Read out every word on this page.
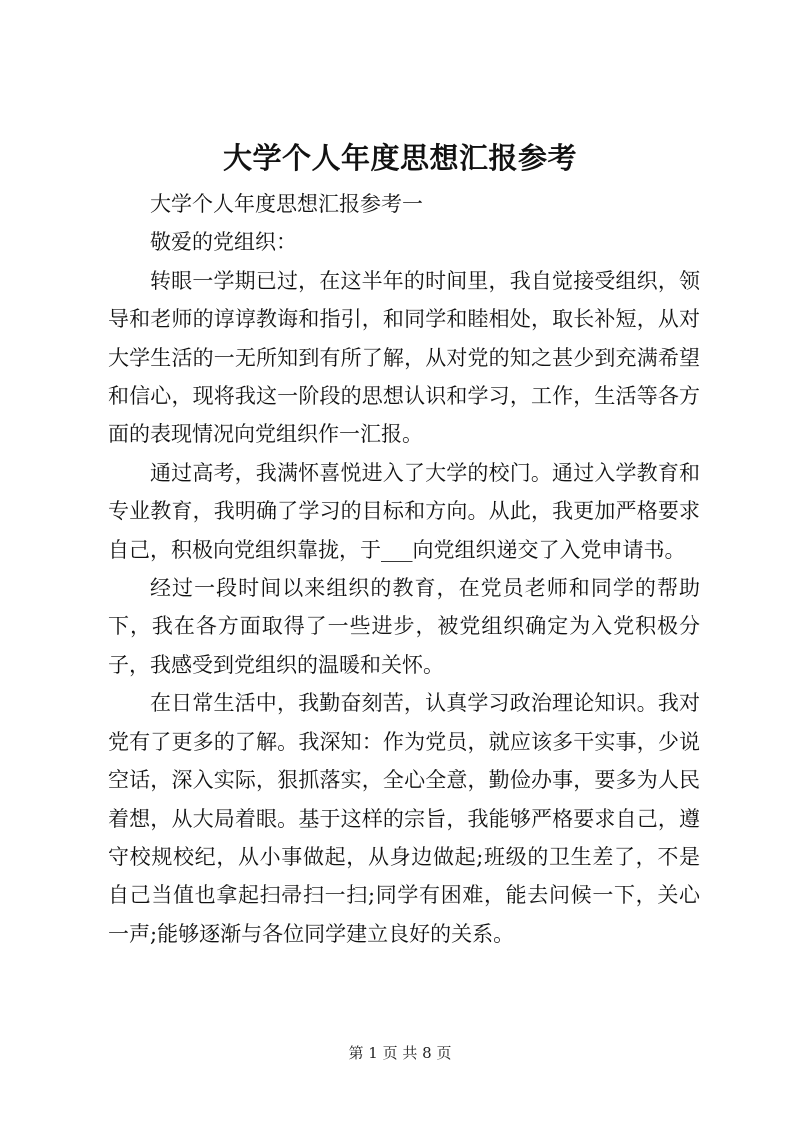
大学个人年度思想汇报参考

大学个人年度思想汇报参考一

敬爱的党组织：

转眼一学期已过，在这半年的时间里，我自觉接受组织，领导和老师的谆谆教诲和指引，和同学和睦相处，取长补短，从对大学生活的一无所知到有所了解，从对党的知之甚少到充满希望和信心，现将我这一阶段的思想认识和学习，工作，生活等各方面的表现情况向党组织作一汇报。

通过高考，我满怀喜悦进入了大学的校门。通过入学教育和专业教育，我明确了学习的目标和方向。从此，我更加严格要求自己，积极向党组织靠拢，于___向党组织递交了入党申请书。

经过一段时间以来组织的教育，在党员老师和同学的帮助下，我在各方面取得了一些进步，被党组织确定为入党积极分子，我感受到党组织的温暖和关怀。

在日常生活中，我勤奋刻苦，认真学习政治理论知识。我对党有了更多的了解。我深知：作为党员，就应该多干实事，少说空话，深入实际，狠抓落实，全心全意，勤俭办事，要多为人民着想，从大局着眼。基于这样的宗旨，我能够严格要求自己，遵守校规校纪，从小事做起，从身边做起;班级的卫生差了，不是自己当值也拿起扫帚扫一扫;同学有困难，能去问候一下，关心一声;能够逐渐与各位同学建立良好的关系。

第 1 页 共 8 页
